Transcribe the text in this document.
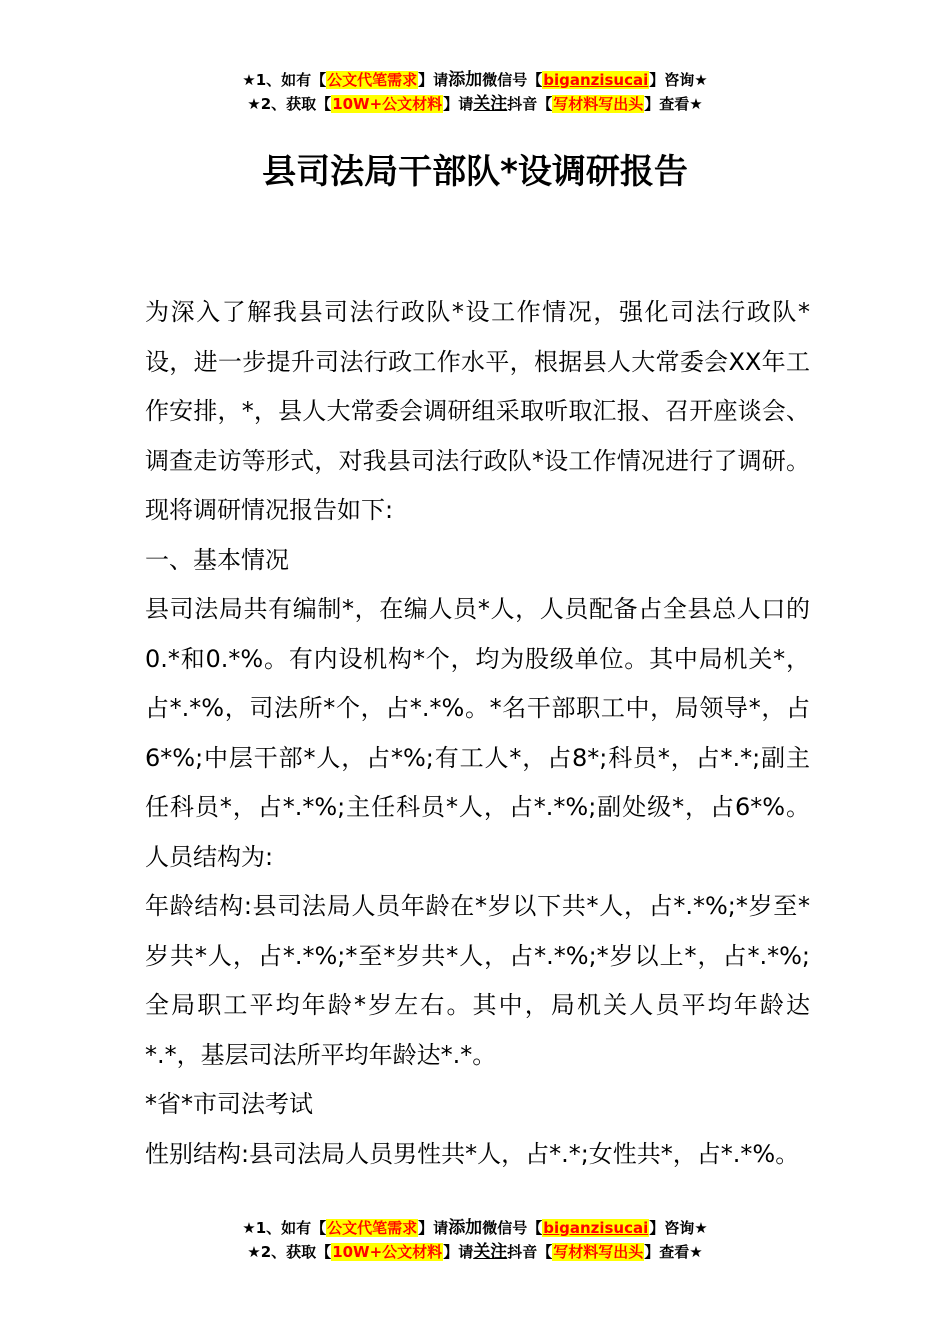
★1、如有【公文代笔需求】请添加微信号【biganzisucai】咨询★
★2、获取【10W+公文材料】请关注抖音【写材料写出头】查看★
县司法局干部队*设调研报告

为深入了解我县司法行政队*设工作情况，强化司法行政队*设，进一步提升司法行政工作水平，根据县人大常委会XX年工作安排，*，县人大常委会调研组采取听取汇报、召开座谈会、调查走访等形式，对我县司法行政队*设工作情况进行了调研。现将调研情况报告如下:

一、基本情况

县司法局共有编制*，在编人员*人，人员配备占全县总人口的0.*和0.*%。有内设机构*个，均为股级单位。其中局机关*，占*.*%，司法所*个，占*.*%。*名干部职工中，局领导*，占6*%;中层干部*人，占*%;有工人*，占8*;科员*，占*.*;副主任科员*，占*.*%;主任科员*人，占*.*%;副处级*，占6*%。人员结构为:

年龄结构:县司法局人员年龄在*岁以下共*人，占*.*%;*岁至*岁共*人，占*.*%;*至*岁共*人，占*.*%;*岁以上*，占*.*%;全局职工平均年龄*岁左右。其中，局机关人员平均年龄达*.*，基层司法所平均年龄达*.*。

*省*市司法考试

性别结构:县司法局人员男性共*人，占*.*;女性共*，占*.*%。

★1、如有【公文代笔需求】请添加微信号【biganzisucai】咨询★
★2、获取【10W+公文材料】请关注抖音【写材料写出头】查看★
